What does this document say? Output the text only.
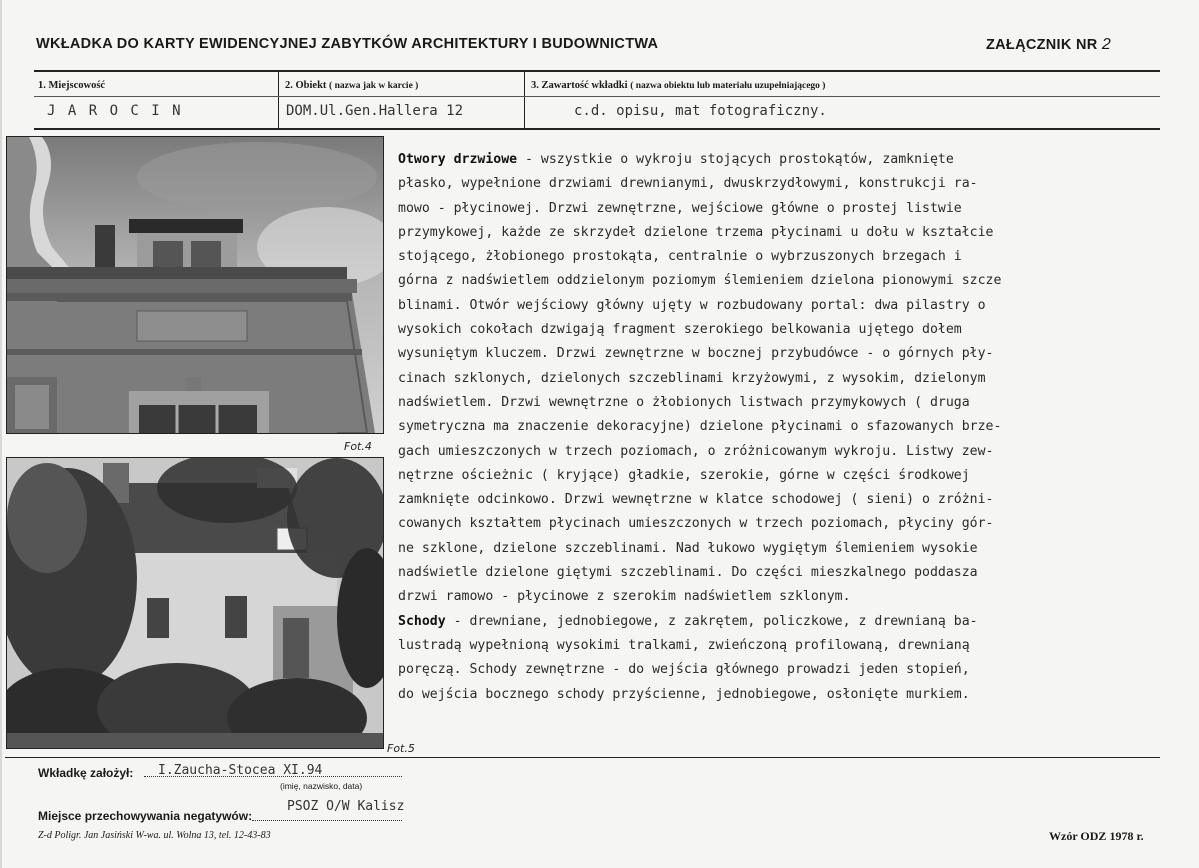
WKŁADKA DO KARTY EWIDENCYJNEJ ZABYTKÓW ARCHITEKTURY I BUDOWNICTWA	ZAŁĄCZNIK NR 2
1. Miejscowość	2. Obiekt ( nazwa jak w karcie )	3. Zawartość wkładki ( nazwa obiektu lub materiału uzupełniającego )
J A R O C I N	DOM.Ul.Gen.Hallera 12	c.d. opisu, mat fotograficzny.
Fot.4
Fot.5
Otwory drzwiowe - wszystkie o wykroju stojących prostokątów, zamknięte
płasko, wypełnione drzwiami drewnianymi, dwuskrzydłowymi, konstrukcji ra-
mowo - płycinowej. Drzwi zewnętrzne, wejściowe główne o prostej listwie
przymykowej, każde ze skrzydeł dzielone trzema płycinami u dołu w kształcie
stojącego, żłobionego prostokąta, centralnie o wybrzuszonych brzegach i
górna z nadświetlem oddzielonym poziomym ślemieniem dzielona pionowymi szcze
blinami. Otwór wejściowy główny ujęty w rozbudowany portal: dwa pilastry o
wysokich cokołach dzwigają fragment szerokiego belkowania ujętego dołem
wysuniętym kluczem. Drzwi zewnętrzne w bocznej przybudówce - o górnych pły-
cinach szklonych, dzielonych szczeblinami krzyżowymi, z wysokim, dzielonym
nadświetlem. Drzwi wewnętrzne o żłobionych listwach przymykowych ( druga
symetryczna ma znaczenie dekoracyjne) dzielone płycinami o sfazowanych brze-
gach umieszczonych w trzech poziomach, o zróżnicowanym wykroju. Listwy zew-
nętrzne ościeżnic ( kryjące) gładkie, szerokie, górne w części środkowej
zamknięte odcinkowo. Drzwi wewnętrzne w klatce schodowej ( sieni) o zróżni-
cowanych kształtem płycinach umieszczonych w trzech poziomach, płyciny gór-
ne szklone, dzielone szczeblinami. Nad łukowo wygiętym ślemieniem wysokie
nadświetle dzielone giętymi szczeblinami. Do części mieszkalnego poddasza
drzwi ramowo - płycinowe z szerokim nadświetlem szklonym.
Schody - drewniane, jednobiegowe, z zakrętem, policzkowe, z drewnianą ba-
lustradą wypełnioną wysokimi tralkami, zwieńczoną profilowaną, drewnianą
poręczą. Schody zewnętrzne - do wejścia głównego prowadzi jeden stopień,
do wejścia bocznego schody przyścienne, jednobiegowe, osłonięte murkiem.
Wkładkę założył: I.Zaucha-Stocea XI.94
(imię, nazwisko, data)
Miejsce przechowywania negatywów:
PSOZ O/W Kalisz
Z-d Poligr. Jan Jasiński W-wa. ul. Wolna 13, tel. 12-43-83	Wzór ODZ 1978 r.
